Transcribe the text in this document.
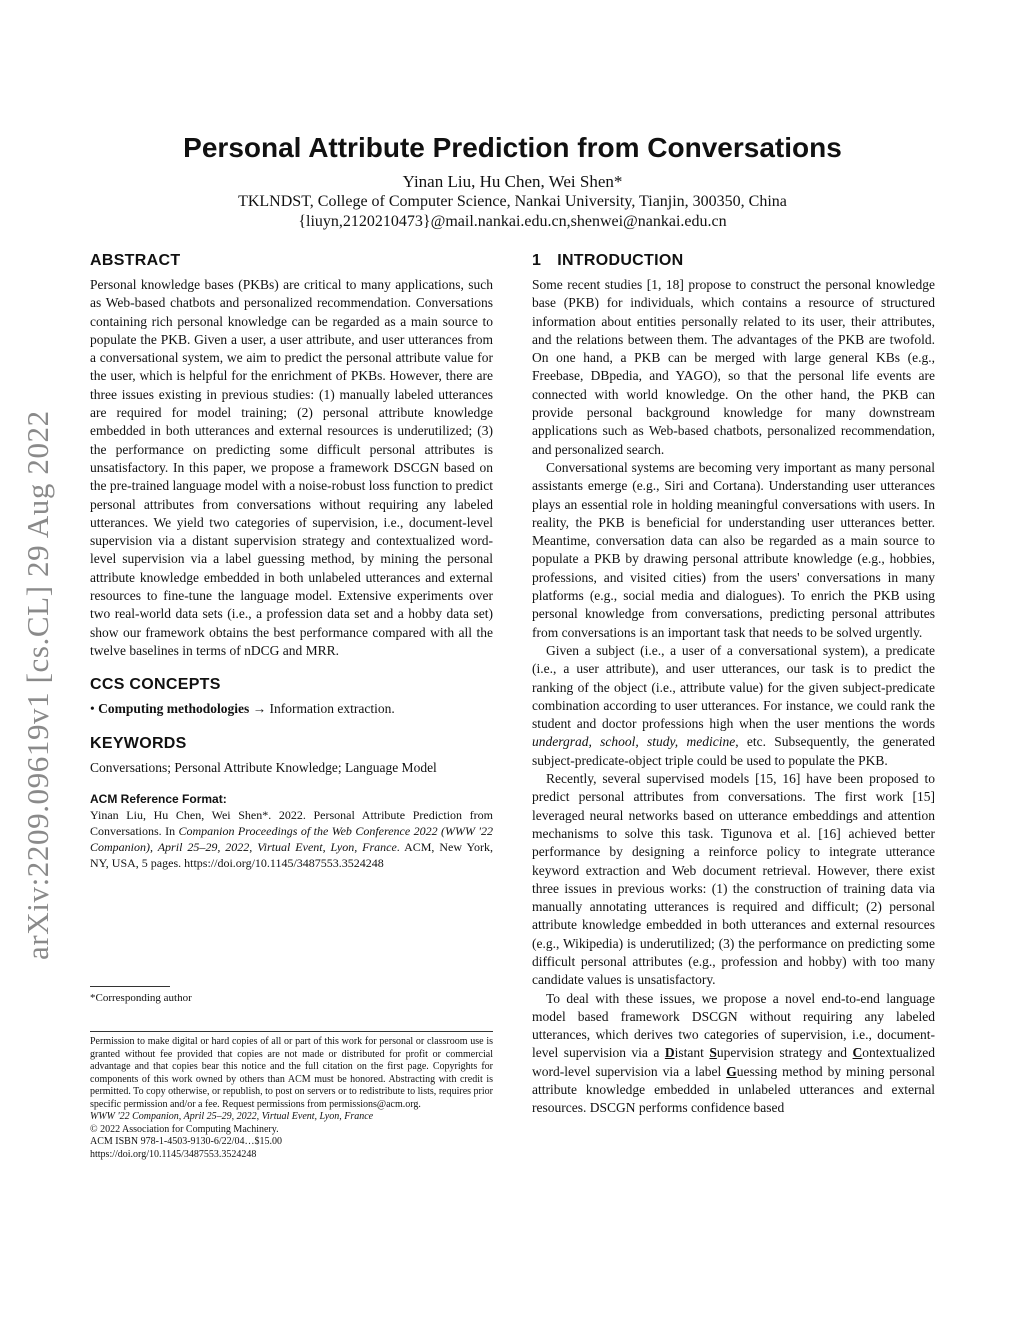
arXiv:2209.09619v1 [cs.CL] 29 Aug 2022
Personal Attribute Prediction from Conversations
Yinan Liu, Hu Chen, Wei Shen*
TKLNDST, College of Computer Science, Nankai University, Tianjin, 300350, China
{liuyn,2120210473}@mail.nankai.edu.cn,shenwei@nankai.edu.cn
ABSTRACT

Personal knowledge bases (PKBs) are critical to many applications, such as Web-based chatbots and personalized recommendation. Conversations containing rich personal knowledge can be regarded as a main source to populate the PKB. Given a user, a user attribute, and user utterances from a conversational system, we aim to predict the personal attribute value for the user, which is helpful for the enrichment of PKBs. However, there are three issues existing in previous studies: (1) manually labeled utterances are required for model training; (2) personal attribute knowledge embedded in both utterances and external resources is underutilized; (3) the performance on predicting some difficult personal attributes is unsatisfactory. In this paper, we propose a framework DSCGN based on the pre-trained language model with a noise-robust loss function to predict personal attributes from conversations without requiring any labeled utterances. We yield two categories of supervision, i.e., document-level supervision via a distant supervision strategy and contextualized word-level supervision via a label guessing method, by mining the personal attribute knowledge embedded in both unlabeled utterances and external resources to fine-tune the language model. Extensive experiments over two real-world data sets (i.e., a profession data set and a hobby data set) show our framework obtains the best performance compared with all the twelve baselines in terms of nDCG and MRR.

CCS CONCEPTS

• Computing methodologies → Information extraction.

KEYWORDS

Conversations; Personal Attribute Knowledge; Language Model

ACM Reference Format:

Yinan Liu, Hu Chen, Wei Shen*. 2022. Personal Attribute Prediction from Conversations. In Companion Proceedings of the Web Conference 2022 (WWW '22 Companion), April 25–29, 2022, Virtual Event, Lyon, France. ACM, New York, NY, USA, 5 pages. https://doi.org/10.1145/3487553.3524248

*Corresponding author
Permission to make digital or hard copies of all or part of this work for personal or classroom use is granted without fee provided that copies are not made or distributed for profit or commercial advantage and that copies bear this notice and the full citation on the first page. Copyrights for components of this work owned by others than ACM must be honored. Abstracting with credit is permitted. To copy otherwise, or republish, to post on servers or to redistribute to lists, requires prior specific permission and/or a fee. Request permissions from permissions@acm.org.
WWW '22 Companion, April 25–29, 2022, Virtual Event, Lyon, France
© 2022 Association for Computing Machinery.
ACM ISBN 978-1-4503-9130-6/22/04…$15.00
https://doi.org/10.1145/3487553.3524248
1 INTRODUCTION

Some recent studies [1, 18] propose to construct the personal knowledge base (PKB) for individuals, which contains a resource of structured information about entities personally related to its user, their attributes, and the relations between them. The advantages of the PKB are twofold. On one hand, a PKB can be merged with large general KBs (e.g., Freebase, DBpedia, and YAGO), so that the personal life events are connected with world knowledge. On the other hand, the PKB can provide personal background knowledge for many downstream applications such as Web-based chatbots, personalized recommendation, and personalized search.

Conversational systems are becoming very important as many personal assistants emerge (e.g., Siri and Cortana). Understanding user utterances plays an essential role in holding meaningful conversations with users. In reality, the PKB is beneficial for understanding user utterances better. Meantime, conversation data can also be regarded as a main source to populate a PKB by drawing personal attribute knowledge (e.g., hobbies, professions, and visited cities) from the users' conversations in many platforms (e.g., social media and dialogues). To enrich the PKB using personal knowledge from conversations, predicting personal attributes from conversations is an important task that needs to be solved urgently.

Given a subject (i.e., a user of a conversational system), a predicate (i.e., a user attribute), and user utterances, our task is to predict the ranking of the object (i.e., attribute value) for the given subject-predicate combination according to user utterances. For instance, we could rank the student and doctor professions high when the user mentions the words undergrad, school, study, medicine, etc. Subsequently, the generated subject-predicate-object triple could be used to populate the PKB.

Recently, several supervised models [15, 16] have been proposed to predict personal attributes from conversations. The first work [15] leveraged neural networks based on utterance embeddings and attention mechanisms to solve this task. Tigunova et al. [16] achieved better performance by designing a reinforce policy to integrate utterance keyword extraction and Web document retrieval. However, there exist three issues in previous works: (1) the construction of training data via manually annotating utterances is required and difficult; (2) personal attribute knowledge embedded in both utterances and external resources (e.g., Wikipedia) is underutilized; (3) the performance on predicting some difficult personal attributes (e.g., profession and hobby) with too many candidate values is unsatisfactory.

To deal with these issues, we propose a novel end-to-end language model based framework DSCGN without requiring any labeled utterances, which derives two categories of supervision, i.e., document-level supervision via a Distant Supervision strategy and Contextualized word-level supervision via a label Guessing method by mining personal attribute knowledge embedded in unlabeled utterances and external resources. DSCGN performs confidence based
